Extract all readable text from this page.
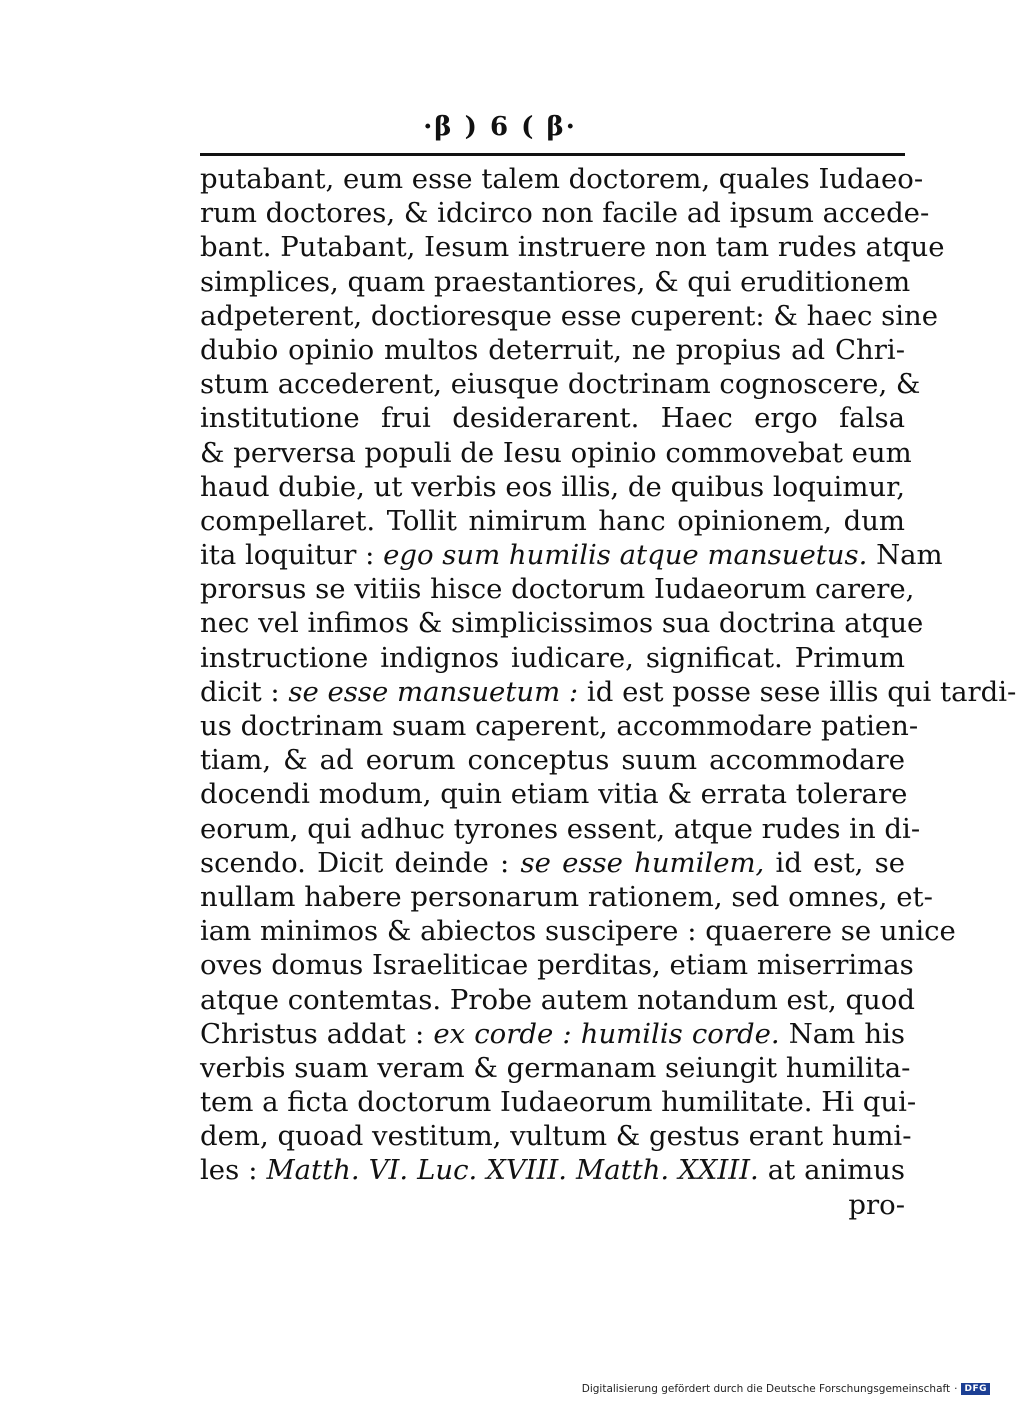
·β ) 6 ( β·
putabant, eum esse talem doctorem, quales Iudaeo-
rum doctores, & idcirco non facile ad ipsum accede-
bant. Putabant, Iesum instruere non tam rudes atque
simplices, quam praestantiores, & qui eruditionem
adpeterent, doctioresque esse cuperent: & haec sine
dubio opinio multos deterruit, ne propius ad Chri-
stum accederent, eiusque doctrinam cognoscere, &
institutione frui desiderarent. Haec ergo falsa
& perversa populi de Iesu opinio commovebat eum
haud dubie, ut verbis eos illis, de quibus loquimur,
compellaret. Tollit nimirum hanc opinionem, dum
ita loquitur : ego sum humilis atque mansuetus. Nam
prorsus se vitiis hisce doctorum Iudaeorum carere,
nec vel infimos & simplicissimos sua doctrina atque
instructione indignos iudicare, significat. Primum
dicit : se esse mansuetum : id est posse sese illis qui tardi-
us doctrinam suam caperent, accommodare patien-
tiam, & ad eorum conceptus suum accommodare
docendi modum, quin etiam vitia & errata tolerare
eorum, qui adhuc tyrones essent, atque rudes in di-
scendo. Dicit deinde : se esse humilem, id est, se
nullam habere personarum rationem, sed omnes, et-
iam minimos & abiectos suscipere : quaerere se unice
oves domus Israeliticae perditas, etiam miserrimas
atque contemtas. Probe autem notandum est, quod
Christus addat : ex corde : humilis corde. Nam his
verbis suam veram & germanam seiungit humilita-
tem a ficta doctorum Iudaeorum humilitate. Hi qui-
dem, quoad vestitum, vultum & gestus erant humi-
les : Matth. VI. Luc. XVIII. Matth. XXIII. at animus
pro-
Digitalisierung gefördert durch die Deutsche Forschungsgemeinschaft · DFG
